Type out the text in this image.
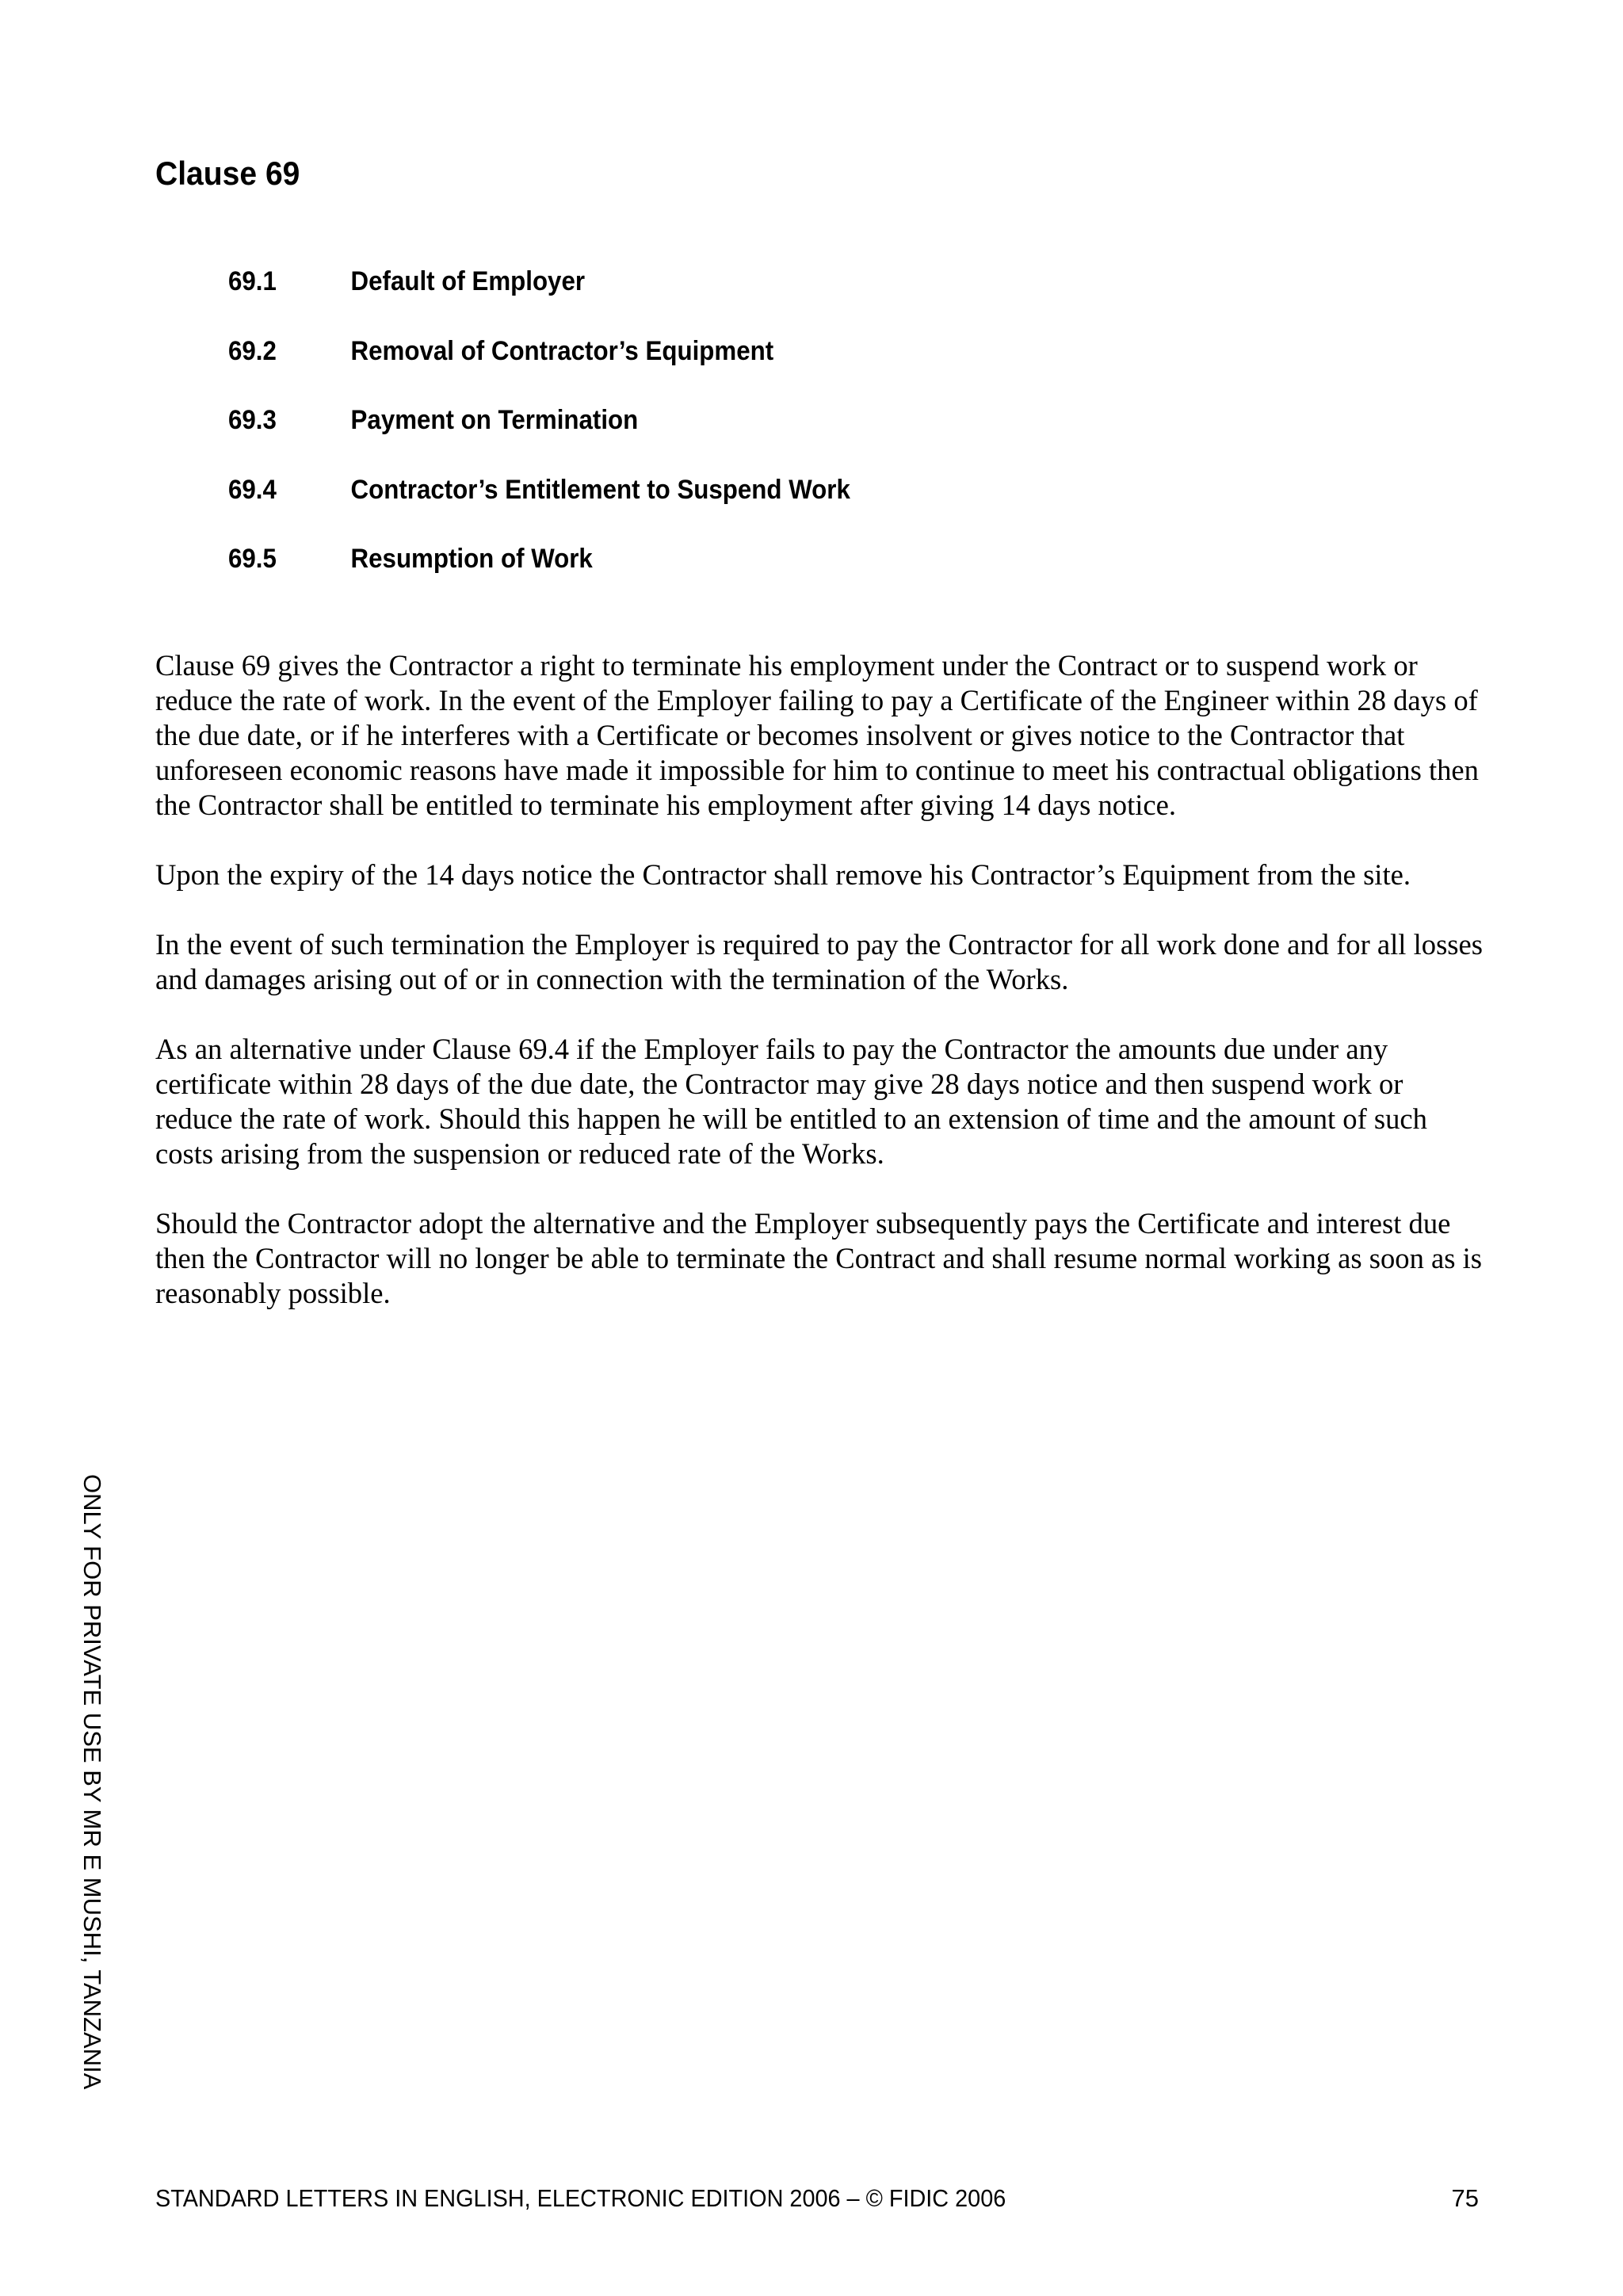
Clause 69
69.1	Default of Employer
69.2	Removal of Contractor’s Equipment
69.3	Payment on Termination
69.4	Contractor’s Entitlement to Suspend Work
69.5	Resumption of Work

Clause 69 gives the Contractor a right to terminate his employment under the Contract or to suspend work or reduce the rate of work. In the event of the Employer failing to pay a Certificate of the Engineer within 28 days of the due date, or if he interferes with a Certificate or becomes insolvent or gives notice to the Contractor that unforeseen economic reasons have made it impossible for him to continue to meet his contractual obligations then the Contractor shall be entitled to terminate his employment after giving 14 days notice.

Upon the expiry of the 14 days notice the Contractor shall remove his Contractor’s Equipment from the site.

In the event of such termination the Employer is required to pay the Contractor for all work done and for all losses and damages arising out of or in connection with the termination of the Works.

As an alternative under Clause 69.4 if the Employer fails to pay the Contractor the amounts due under any certificate within 28 days of the due date, the Contractor may give 28 days notice and then suspend work or reduce the rate of work. Should this happen he will be entitled to an extension of time and the amount of such costs arising from the suspension or reduced rate of the Works.

Should the Contractor adopt the alternative and the Employer subsequently pays the Certificate and interest due then the Contractor will no longer be able to terminate the Contract and shall resume normal working as soon as is reasonably possible.

ONLY FOR PRIVATE USE BY MR E MUSHI, TANZANIA
STANDARD LETTERS IN ENGLISH, ELECTRONIC EDITION 2006 – © FIDIC 2006	75
